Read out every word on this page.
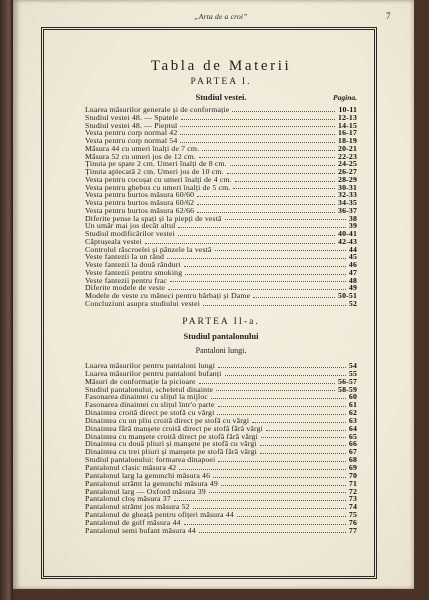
„Arta de a croi”	7
Tabla de Materii
PARTEA I.
Studiul vestei.	Pagina.
Luarea măsurilor generale și de conformație	10-11
Studiul vestei 48. — Spatele	12-13
Studiul vestei 48. — Pieptul	14-15
Vesta pentru corp normal 42	16-17
Vesta pentru corp normal 54	18-19
Măsura 44 cu umeri înalți de 7 cm.	20-21
Măsura 52 cu umeri jos de 12 cm.	22-23
Ținuta pe spate 2 cm. Umeri înalți de 8 cm.	24-25
Ținuta aplecată 2 cm. Umeri jos de 10 cm.	26-27
Vesta pentru cocoșat cu umeri înalți de 4 cm.	28-29
Vesta pentru ghebos cu umeri înalți de 5 cm.	30-31
Vesta pentru burtos măsura 60/60	32-33
Vesta pentru burtos măsura 60/62	34-35
Vesta pentru burtos măsura 62/66	36-37
Diferite pense la spați și la piepți de vestă	38
Un umăr mai jos decât altul	39
Studiul modificărilor vestei	40-41
Căptușeala vestei	42-43
Controlul răscroelei și pânzele la vestă	44
Veste fantezii la un rând	45
Veste fantezii la două rânduri	46
Veste fantezii pentru smoking	47
Veste fantezii pentru frac	48
Diferite modele de veste	49
Modele de veste cu mâneci pentru bărbați și Dame	50-51
Concluziuni asupra studiului vestei	52
PARTEA II-a.
Studiul pantalonului
Pantaloni lungi.
Luarea măsurilor pentru pantaloni lungi	54
Luarea măsurilor pentru pantaloni bufanți	55
Măsuri de conformație la picioare	56-57
Studiul pantalonului, scheletul dinainte	58-59
Fasonarea dinaintei cu slițul la mijloc	60
Fasonarea dinaintei cu slițul într'o parte	61
Dinaintea croită direct pe stofă cu vărgi	62
Dinaintea cu un pliu croită direct pe stofă cu vărgi	63
Dinaintea fără manșete croită direct pe stofă fără vărgi	64
Dinaintea cu manșete croită direct pe stofă fără vărgi	65
Dinaintea cu două pliuri și manșete pe stofă cu vărgi	66
Dinaintea cu trei pliuri și manșete pe stofă fără vărgi	67
Studiul pantalonului: formarea dinapoei	68
Pantalonul clasic măsura 42	69
Pantalonul larg la genunchi măsura 46	70
Pantalonul strâmt la genunchi măsura 49	71
Pantalonul larg — Oxford măsura 39	72
Pantalonul cloș măsura 37	73
Pantalonul strâmt jos măsura 52	74
Pantalonul de gheață pentru ofițeri măsura 44	75
Pantalonul de golf măsura 44	76
Pantalonul semi bufant măsura 44	77
